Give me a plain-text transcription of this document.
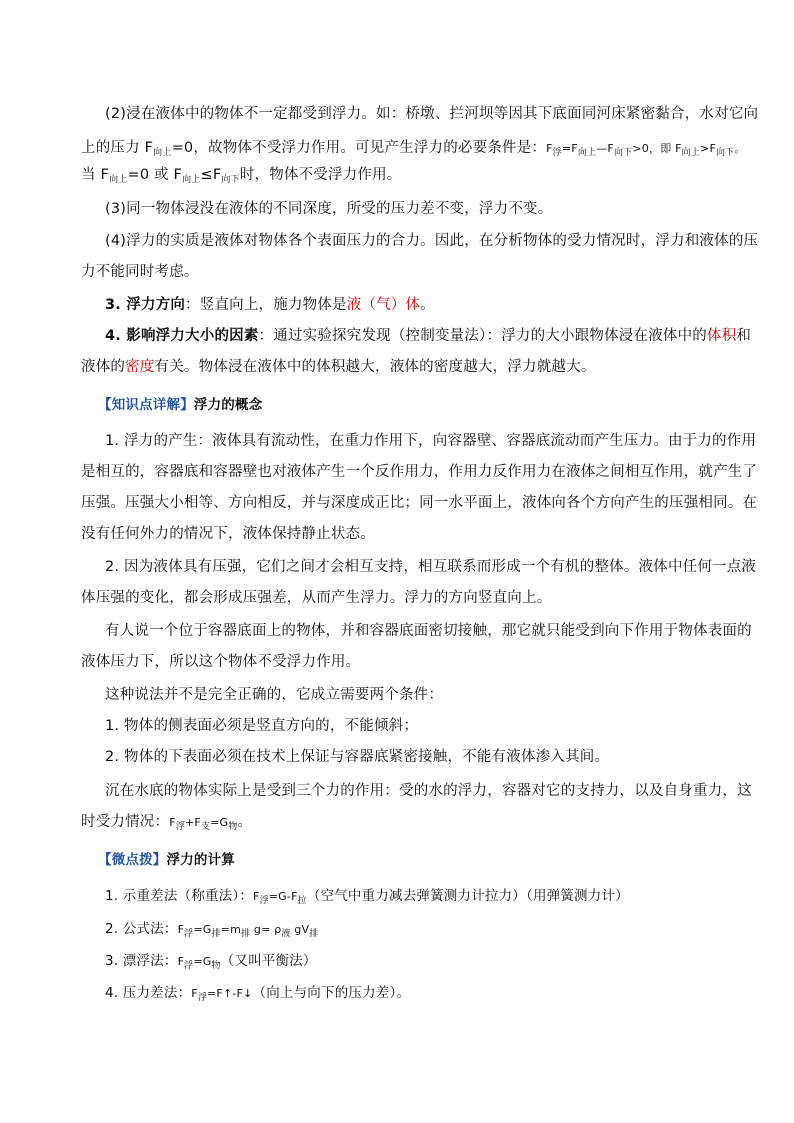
(2)浸在液体中的物体不一定都受到浮力。如：桥墩、拦河坝等因其下底面同河床紧密黏合，水对它向
上的压力 $F_{向上}=0$，故物体不受浮力作用。可见产生浮力的必要条件是：$F_浮=F_{向上}—F_{向下}>0$，即 $F_{向上}>F_{向下}$。
当 $F_{向上}=0$ 或 $F_{向上}\le F_{向下}$时，物体不受浮力作用。
(3)同一物体浸没在液体的不同深度，所受的压力差不变，浮力不变。
(4)浮力的实质是液体对物体各个表面压力的合力。因此，在分析物体的受力情况时，浮力和液体的压
力不能同时考虑。
3. 浮力方向：竖直向上，施力物体是液（气）体。
4. 影响浮力大小的因素：通过实验探究发现（控制变量法）：浮力的大小跟物体浸在液体中的体积和
液体的密度有关。物体浸在液体中的体积越大，液体的密度越大，浮力就越大。
【知识点详解】浮力的概念
1. 浮力的产生：液体具有流动性，在重力作用下，向容器壁、容器底流动而产生压力。由于力的作用
是相互的，容器底和容器壁也对液体产生一个反作用力，作用力反作用力在液体之间相互作用，就产生了
压强。压强大小相等、方向相反，并与深度成正比；同一水平面上，液体向各个方向产生的压强相同。在
没有任何外力的情况下，液体保持静止状态。
2. 因为液体具有压强，它们之间才会相互支持，相互联系而形成一个有机的整体。液体中任何一点液
体压强的变化，都会形成压强差，从而产生浮力。浮力的方向竖直向上。
有人说一个位于容器底面上的物体，并和容器底面密切接触，那它就只能受到向下作用于物体表面的
液体压力下，所以这个物体不受浮力作用。
这种说法并不是完全正确的，它成立需要两个条件：
1. 物体的侧表面必须是竖直方向的，不能倾斜；
2. 物体的下表面必须在技术上保证与容器底紧密接触，不能有液体渗入其间。
沉在水底的物体实际上是受到三个力的作用：受的水的浮力，容器对它的支持力，以及自身重力，这
时受力情况：$F_浮+F_支=G_物$。
【微点拨】浮力的计算
1. 示重差法（称重法）：$F_浮=G-F_拉$（空气中重力减去弹簧测力计拉力）（用弹簧测力计）
2. 公式法：$F_浮=G_排=m_排$ $g= \rho_液$ $gV_排$
3. 漂浮法：$F_浮=G_物$（又叫平衡法）
4. 压力差法：$F_浮=F↑-F↓$（向上与向下的压力差）。
